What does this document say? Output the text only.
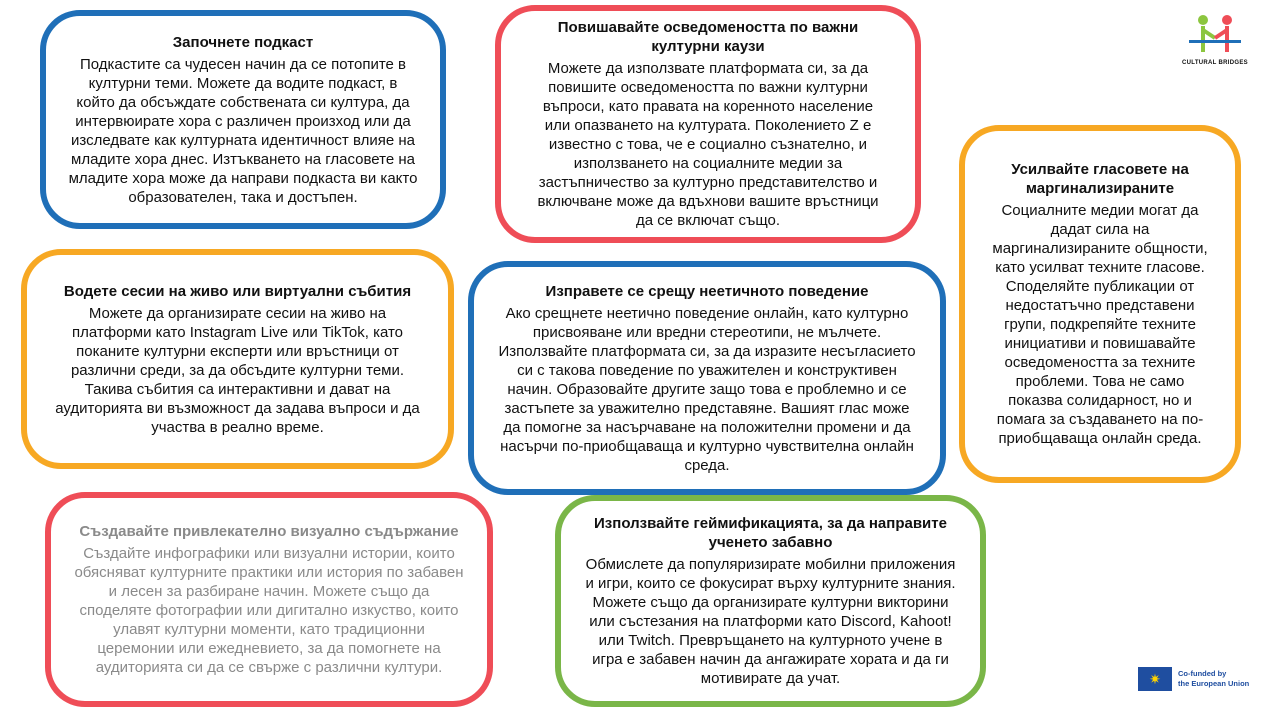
Започнете подкаст

Подкастите са чудесен начин да се потопите в културни теми. Можете да водите подкаст, в който да обсъждате собствената си култура, да интервюирате хора с различен произход или да изследвате как културната идентичност влияе на младите хора днес. Изтъкването на гласовете на младите хора може да направи подкаста ви както образователен, така и достъпен.

Повишавайте осведомеността по важни културни каузи

Можете да използвате платформата си, за да повишите осведомеността по важни културни въпроси, като правата на коренното население или опазването на културата. Поколението Z е известно с това, че е социално съзнателно, и използването на социалните медии за застъпничество за културно представителство и включване може да вдъхнови вашите връстници да се включат също.

Усилвайте гласовете на маргинализираните

Социалните медии могат да дадат сила на маргинализираните общности, като усилват техните гласове. Споделяйте публикации от недостатъчно представени групи, подкрепяйте техните инициативи и повишавайте осведомеността за техните проблеми. Това не само показва солидарност, но и помага за създаването на по-приобщаваща онлайн среда.

Водете сесии на живо или виртуални събития

Можете да организирате сесии на живо на платформи като Instagram Live или TikTok, като поканите културни експерти или връстници от различни среди, за да обсъдите културни теми. Такива събития са интерактивни и дават на аудиторията ви възможност да задава въпроси и да участва в реално време.

Изправете се срещу неетичното поведение

Ако срещнете неетично поведение онлайн, като културно присвояване или вредни стереотипи, не мълчете. Използвайте платформата си, за да изразите несъгласието си с такова поведение по уважителен и конструктивен начин. Образовайте другите защо това е проблемно и се застъпете за уважително представяне. Вашият глас може да помогне за насърчаване на положителни промени и да насърчи по-приобщаваща и културно чувствителна онлайн среда.

Създавайте привлекателно визуално съдържание

Създайте инфографики или визуални истории, които обясняват културните практики или история по забавен и лесен за разбиране начин. Можете също да споделяте фотографии или дигитално изкуство, които улавят културни моменти, като традиционни церемонии или ежедневието, за да помогнете на аудиторията си да се свърже с различни култури.

Използвайте геймификацията, за да направите ученето забавно

Обмислете да популяризирате мобилни приложения и игри, които се фокусират върху културните знания. Можете също да организирате културни викторини или състезания на платформи като Discord, Kahoot! или Twitch. Превръщането на културното учене в игра е забавен начин да ангажирате хората и да ги мотивирате да учат.

CULTURAL BRIDGES
✷	Co-funded by
the European Union
